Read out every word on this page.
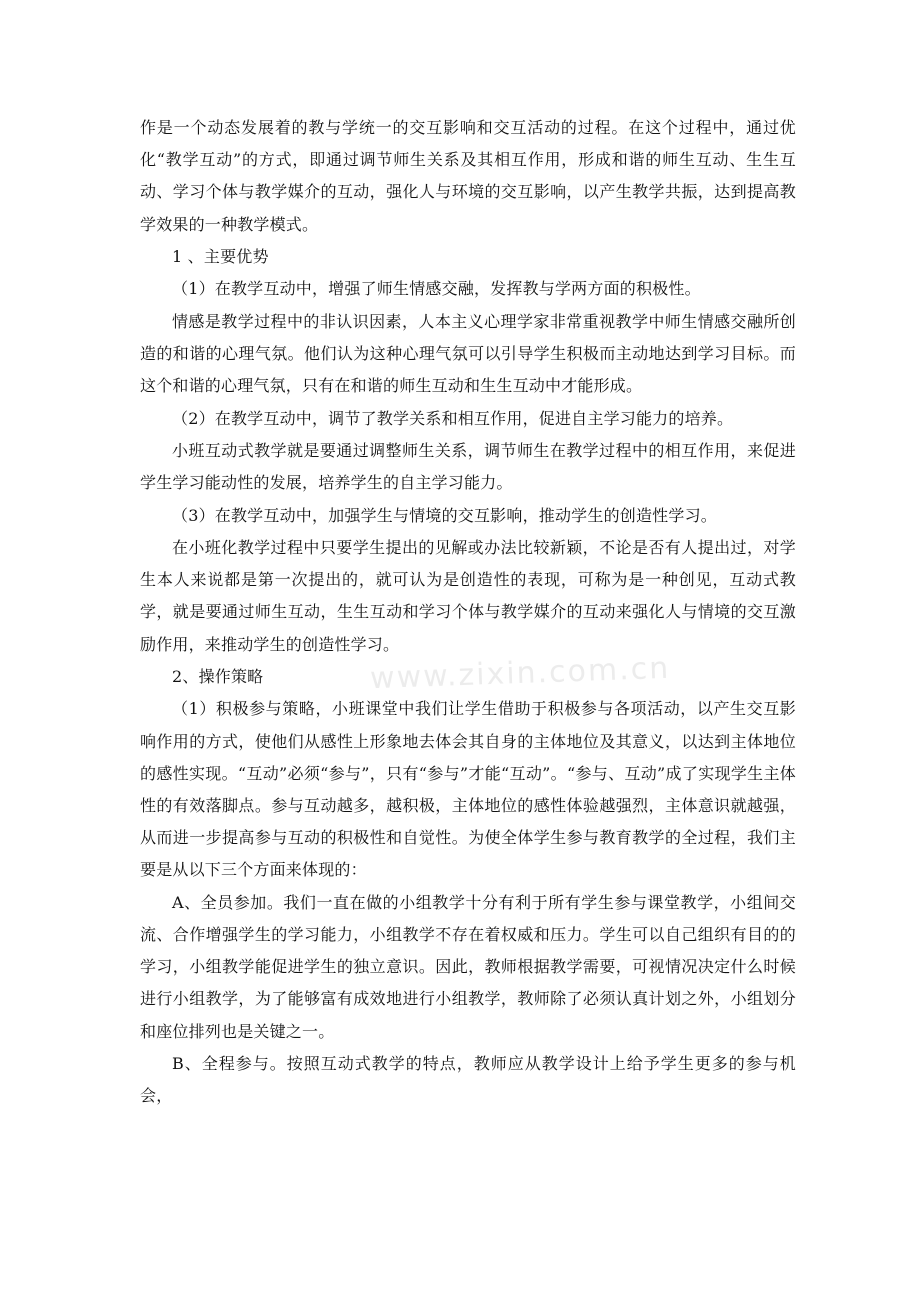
作是一个动态发展着的教与学统一的交互影响和交互活动的过程。在这个过程中，通过优化“教学互动”的方式，即通过调节师生关系及其相互作用，形成和谐的师生互动、生生互动、学习个体与教学媒介的互动，强化人与环境的交互影响，以产生教学共振，达到提高教学效果的一种教学模式。

1 、主要优势

（1）在教学互动中，增强了师生情感交融，发挥教与学两方面的积极性。

情感是教学过程中的非认识因素，人本主义心理学家非常重视教学中师生情感交融所创造的和谐的心理气氛。他们认为这种心理气氛可以引导学生积极而主动地达到学习目标。而这个和谐的心理气氛，只有在和谐的师生互动和生生互动中才能形成。

（2）在教学互动中，调节了教学关系和相互作用，促进自主学习能力的培养。

小班互动式教学就是要通过调整师生关系，调节师生在教学过程中的相互作用，来促进学生学习能动性的发展，培养学生的自主学习能力。

（3）在教学互动中，加强学生与情境的交互影响，推动学生的创造性学习。

在小班化教学过程中只要学生提出的见解或办法比较新颖，不论是否有人提出过，对学生本人来说都是第一次提出的，就可认为是创造性的表现，可称为是一种创见，互动式教学，就是要通过师生互动，生生互动和学习个体与教学媒介的互动来强化人与情境的交互激励作用，来推动学生的创造性学习。

2、操作策略

（1）积极参与策略，小班课堂中我们让学生借助于积极参与各项活动，以产生交互影响作用的方式，使他们从感性上形象地去体会其自身的主体地位及其意义，以达到主体地位的感性实现。“互动”必须“参与”，只有“参与”才能“互动”。“参与、互动”成了实现学生主体性的有效落脚点。参与互动越多，越积极，主体地位的感性体验越强烈，主体意识就越强，从而进一步提高参与互动的积极性和自觉性。为使全体学生参与教育教学的全过程，我们主要是从以下三个方面来体现的：

A、全员参加。我们一直在做的小组教学十分有利于所有学生参与课堂教学，小组间交流、合作增强学生的学习能力，小组教学不存在着权威和压力。学生可以自己组织有目的的学习，小组教学能促进学生的独立意识。因此，教师根据教学需要，可视情况决定什么时候进行小组教学，为了能够富有成效地进行小组教学，教师除了必须认真计划之外，小组划分和座位排列也是关键之一。

B、全程参与。按照互动式教学的特点，教师应从教学设计上给予学生更多的参与机会，

www.zixin.com.cn
